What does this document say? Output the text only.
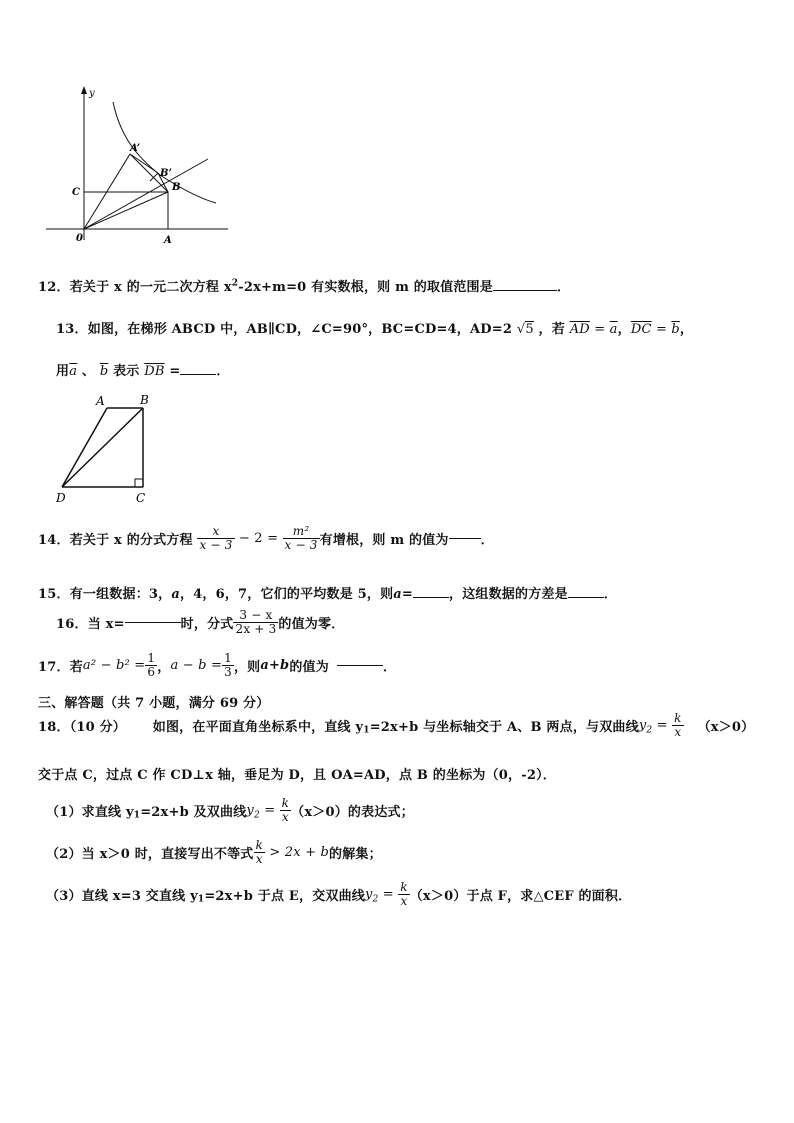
y
A’
B’
B
C
0	A
12．若关于 x 的一元二次方程 $x^2-2x+m=0$ 有实数根，则 m 的取值范围是	．
13．如图，在梯形 ABCD 中，AB∥CD，∠C=90°，BC=CD=4，AD=2 √5 ，若 $\overline{AD} = \overline{a}$，$\overline{DC} = \overline{b}$，
用$\overline{a}$ 、 $\overline{b}$ 表示 $\overline{DB}$ =	．
A	B
D	C
14．若关于 x 的分式方程 $\frac{x}{x - 3} - 2 = \frac{\text{m²}}{x - 3}$ 有增根，则 m 的值为 ．
15．有一组数据：3，a，4，6，7，它们的平均数是 5，则a=	，这组数据的方差是	．
16．当 x=	时，分式 $\frac{3 - x}{2x + 3}$ 的值为零．
17．若$a^2 - b^2 = \frac{1}{6}$ ，$a - b = \frac{1}{3}$ ，则a+b的值为	．
三、解答题（共 7 小题，满分 69 分）
18．（10 分） 如图，在平面直角坐标系中，直线 $y_1=2x+b$ 与坐标轴交于 A、B 两点，与双曲线$y_2 = \frac{k}{x} (x>0)$
交于点 C，过点 C 作 CD⊥x 轴，垂足为 D，且 OA=AD，点 B 的坐标为（0，-2）．
（1）求直线 $y_1=2x+b$ 及双曲线$y_2 = \frac{k}{x} (x>0)$的表达式；
（2）当 x＞0 时，直接写出不等式 $\frac{k}{x} > 2x + b$的解集；
（3）直线 x=3 交直线 $y_1=2x+b$ 于点 E，交双曲线$y_2 = \frac{k}{x} (x>0)$于点 F，求△CEF 的面积．
